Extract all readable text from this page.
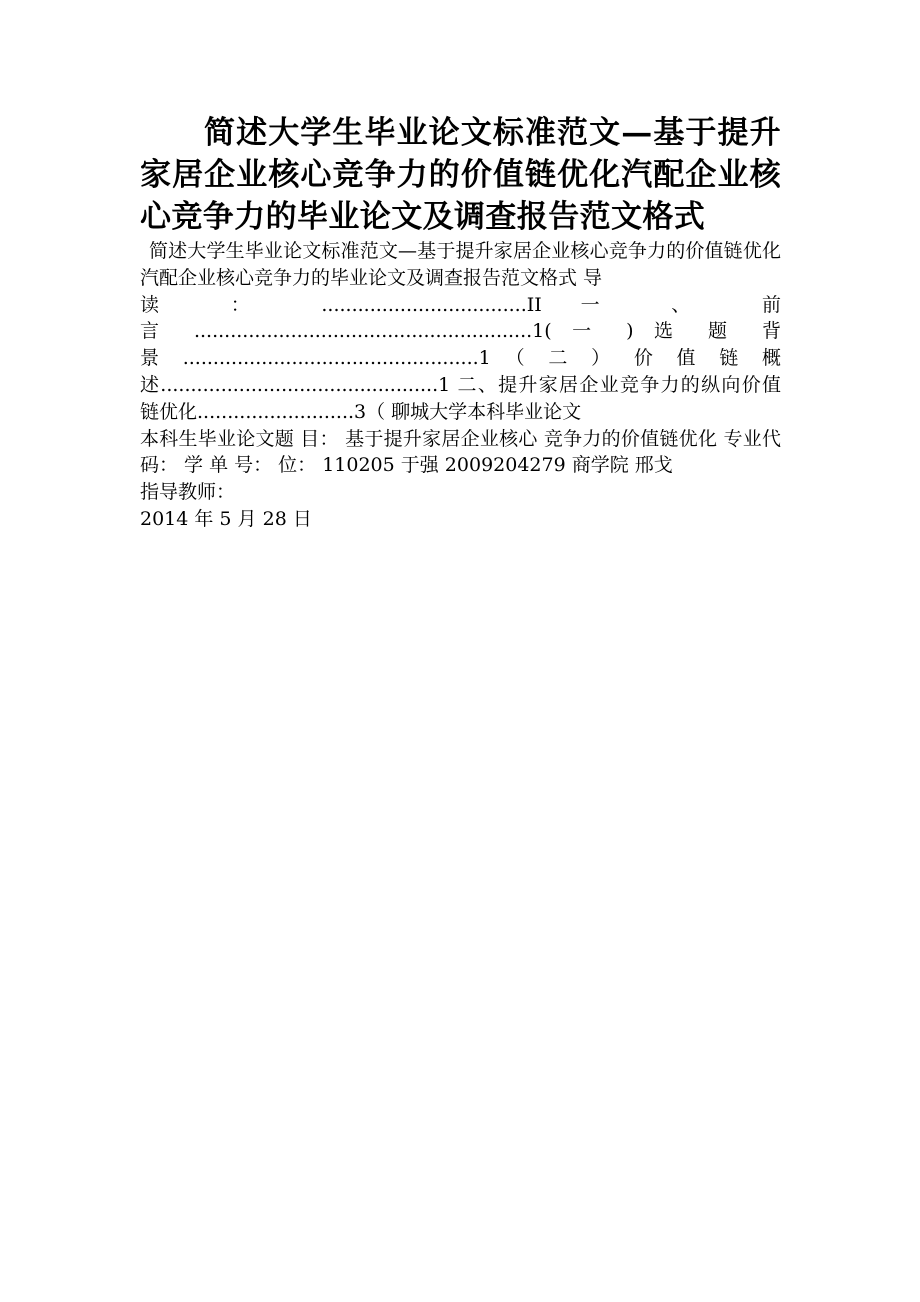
简述大学生毕业论文标准范文—基于提升家居企业核心竞争力的价值链优化汽配企业核心竞争力的毕业论文及调查报告范文格式

简述大学生毕业论文标准范文—基于提升家居企业核心竞争力的价值链优化汽配企业核心竞争力的毕业论文及调查报告范文格式 导

读 ： ..................................II 一 、 前

言 ........................................................1( 一 ) 选 题 背

景 .................................................1 （ 二 ） 价 值 链 概

述..............................................1 二、提升家居企业竞争力的纵向价值

链优化..........................3（ 聊城大学本科毕业论文

本科生毕业论文题 目： 基于提升家居企业核心 竞争力的价值链优化 专业代码： 学 单 号： 位： 110205 于强 2009204279 商学院 邢戈

指导教师：

2014 年 5 月 28 日
